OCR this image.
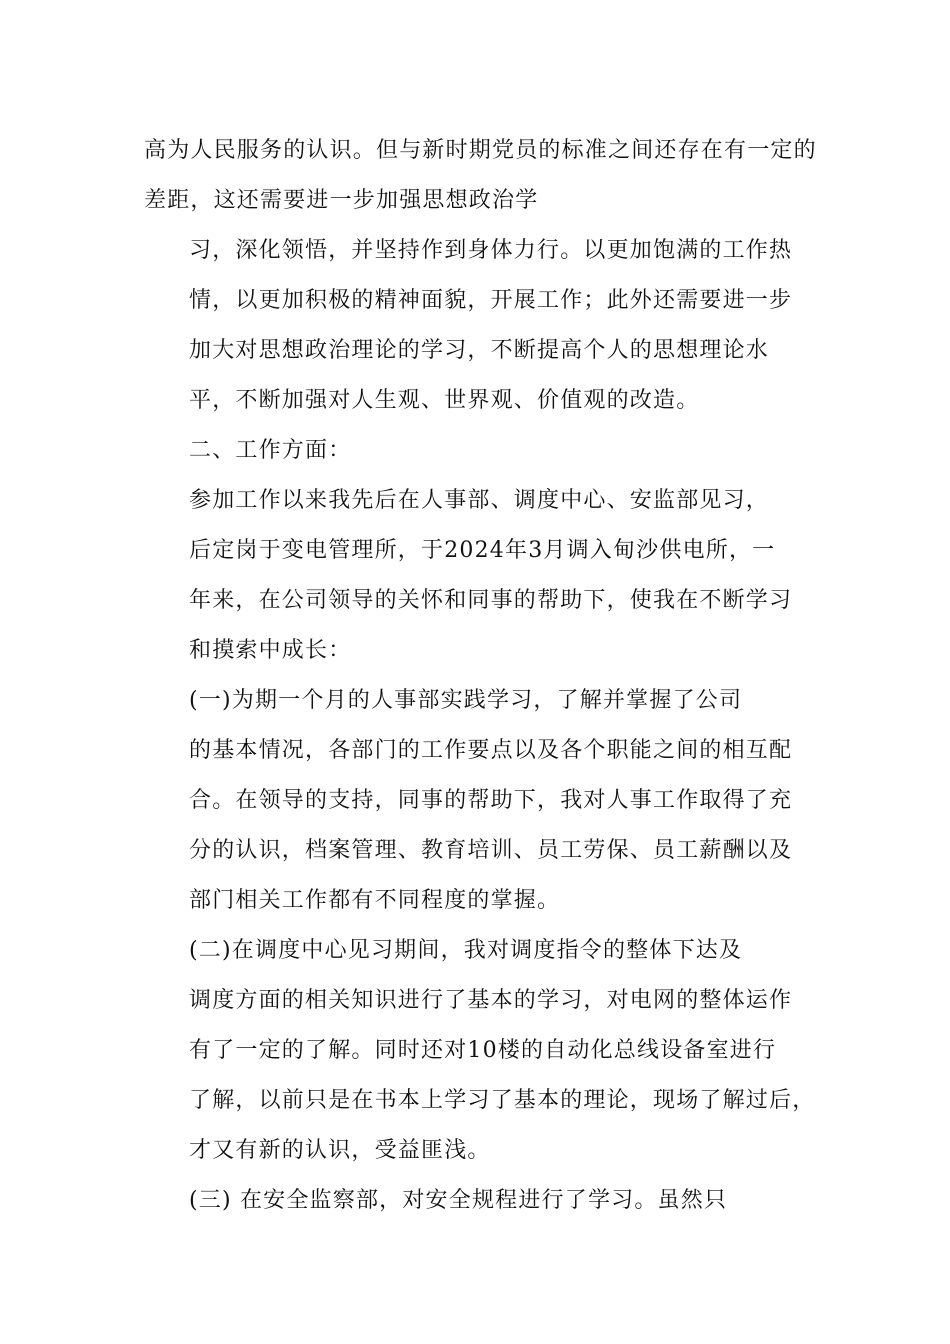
高为人民服务的认识。但与新时期党员的标准之间还存在有一定的
差距，这还需要进一步加强思想政治学
习，深化领悟，并坚持作到身体力行。以更加饱满的工作热
情，以更加积极的精神面貌，开展工作；此外还需要进一步
加大对思想政治理论的学习，不断提高个人的思想理论水
平，不断加强对人生观、世界观、价值观的改造。
二、工作方面：
参加工作以来我先后在人事部、调度中心、安监部见习，
后定岗于变电管理所，于2024年3月调入甸沙供电所，一
年来，在公司领导的关怀和同事的帮助下，使我在不断学习
和摸索中成长：
(一)为期一个月的人事部实践学习，了解并掌握了公司
的基本情况，各部门的工作要点以及各个职能之间的相互配
合。在领导的支持，同事的帮助下，我对人事工作取得了充
分的认识，档案管理、教育培训、员工劳保、员工薪酬以及
部门相关工作都有不同程度的掌握。
(二)在调度中心见习期间，我对调度指令的整体下达及
调度方面的相关知识进行了基本的学习，对电网的整体运作
有了一定的了解。同时还对10楼的自动化总线设备室进行
了解，以前只是在书本上学习了基本的理论，现场了解过后，
才又有新的认识，受益匪浅。
(三) 在安全监察部，对安全规程进行了学习。虽然只
